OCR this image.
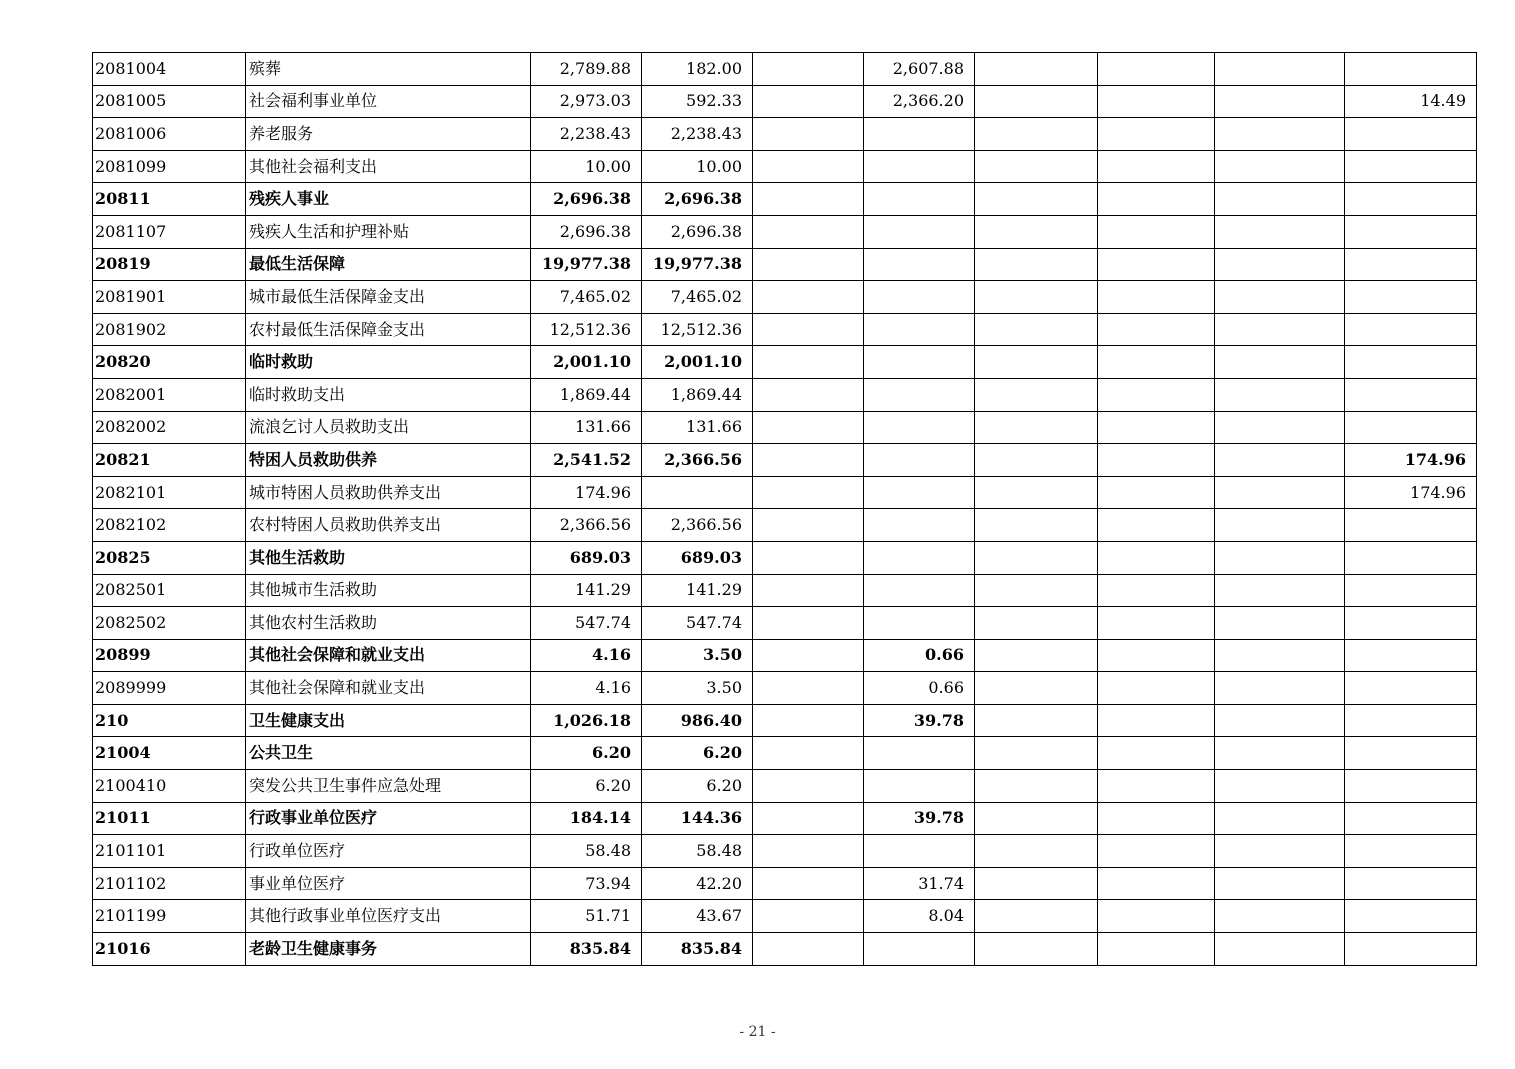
2081004	殡葬	2,789.88	182.00		2,607.88				
2081005	社会福利事业单位	2,973.03	592.33		2,366.20				14.49
2081006	养老服务	2,238.43	2,238.43						
2081099	其他社会福利支出	10.00	10.00						
20811	残疾人事业	2,696.38	2,696.38						
2081107	残疾人生活和护理补贴	2,696.38	2,696.38						
20819	最低生活保障	19,977.38	19,977.38						
2081901	城市最低生活保障金支出	7,465.02	7,465.02						
2081902	农村最低生活保障金支出	12,512.36	12,512.36						
20820	临时救助	2,001.10	2,001.10						
2082001	临时救助支出	1,869.44	1,869.44						
2082002	流浪乞讨人员救助支出	131.66	131.66						
20821	特困人员救助供养	2,541.52	2,366.56						174.96
2082101	城市特困人员救助供养支出	174.96							174.96
2082102	农村特困人员救助供养支出	2,366.56	2,366.56						
20825	其他生活救助	689.03	689.03						
2082501	其他城市生活救助	141.29	141.29						
2082502	其他农村生活救助	547.74	547.74						
20899	其他社会保障和就业支出	4.16	3.50		0.66				
2089999	其他社会保障和就业支出	4.16	3.50		0.66				
210	卫生健康支出	1,026.18	986.40		39.78				
21004	公共卫生	6.20	6.20						
2100410	突发公共卫生事件应急处理	6.20	6.20						
21011	行政事业单位医疗	184.14	144.36		39.78				
2101101	行政单位医疗	58.48	58.48						
2101102	事业单位医疗	73.94	42.20		31.74				
2101199	其他行政事业单位医疗支出	51.71	43.67		8.04				
21016	老龄卫生健康事务	835.84	835.84						
- 21 -
